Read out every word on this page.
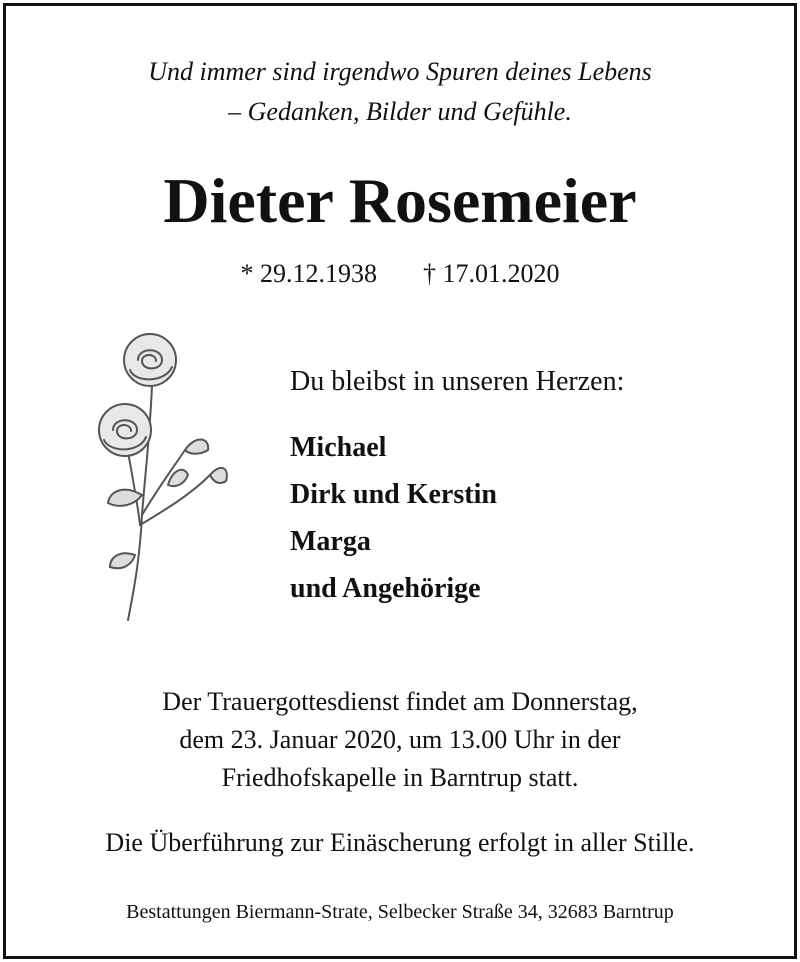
Und immer sind irgendwo Spuren deines Lebens
– Gedanken, Bilder und Gefühle.
Dieter Rosemeier
* 29.12.1938 † 17.01.2020
Du bleibst in unseren Herzen:
Michael
Dirk und Kerstin
Marga
und Angehörige
Der Trauergottesdienst findet am Donnerstag,
dem 23. Januar 2020, um 13.00 Uhr in der
Friedhofskapelle in Barntrup statt.
Die Überführung zur Einäscherung erfolgt in aller Stille.
Bestattungen Biermann-Strate, Selbecker Straße 34, 32683 Barntrup
